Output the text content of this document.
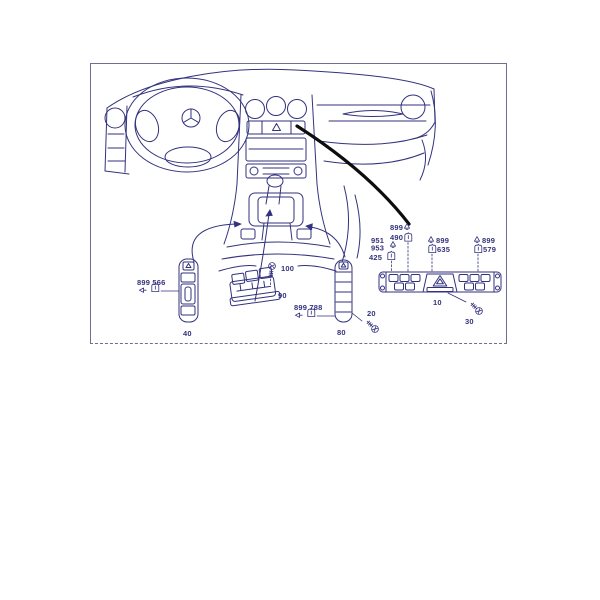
40
899 566
90
100
80
899 788
20
10
30
951
953
425
899
490	899
635
899
579
